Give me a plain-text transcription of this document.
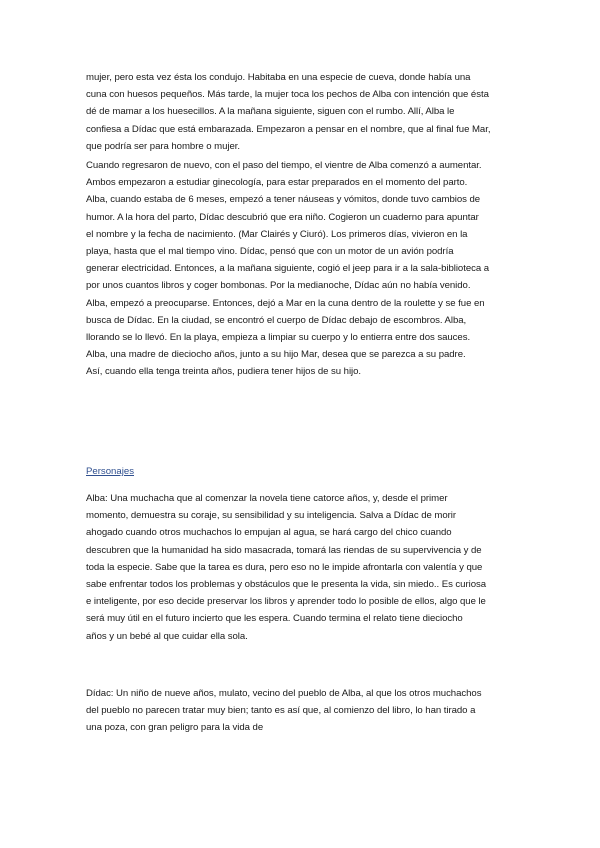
mujer, pero esta vez ésta los condujo. Habitaba en una especie de cueva, donde había una

cuna con huesos pequeños. Más tarde, la mujer toca los pechos de Alba con intención que ésta

dé de mamar a los huesecillos. A la mañana siguiente, siguen con el rumbo. Allí, Alba le

confiesa a Dídac que está embarazada. Empezaron a pensar en el nombre, que al final fue Mar,

que podría ser para hombre o mujer.

Cuando regresaron de nuevo, con el paso del tiempo, el vientre de Alba comenzó a aumentar.

Ambos empezaron a estudiar ginecología, para estar preparados en el momento del parto.

Alba, cuando estaba de 6 meses, empezó a tener náuseas y vómitos, donde tuvo cambios de

humor. A la hora del parto, Dídac descubrió que era niño. Cogieron un cuaderno para apuntar

el nombre y la fecha de nacimiento. (Mar Clairés y Ciuró). Los primeros días, vivieron en la

playa, hasta que el mal tiempo vino. Dídac, pensó que con un motor de un avión podría

generar electricidad. Entonces, a la mañana siguiente, cogió el jeep para ir a la sala-biblioteca a

por unos cuantos libros y coger bombonas. Por la medianoche, Dídac aún no había venido.

Alba, empezó a preocuparse. Entonces, dejó a Mar en la cuna dentro de la roulette y se fue en

busca de Dídac. En la ciudad, se encontró el cuerpo de Dídac debajo de escombros. Alba,

llorando se lo llevó. En la playa, empieza a limpiar su cuerpo y lo entierra entre dos sauces.

Alba, una madre de dieciocho años, junto a su hijo Mar, desea que se parezca a su padre.

Así, cuando ella tenga treinta años, pudiera tener hijos de su hijo.

Personajes

Alba: Una muchacha que al comenzar la novela tiene catorce años, y, desde el primer

momento, demuestra su coraje, su sensibilidad y su inteligencia. Salva a Dídac de morir

ahogado cuando otros muchachos lo empujan al agua, se hará cargo del chico cuando

descubren que la humanidad ha sido masacrada, tomará las riendas de su supervivencia y de

toda la especie. Sabe que la tarea es dura, pero eso no le impide afrontarla con valentía y que

sabe enfrentar todos los problemas y obstáculos que le presenta la vida, sin miedo.. Es curiosa

e inteligente, por eso decide preservar los libros y aprender todo lo posible de ellos, algo que le

será muy útil en el futuro incierto que les espera. Cuando termina el relato tiene dieciocho

años y un bebé al que cuidar ella sola.

Dídac: Un niño de nueve años, mulato, vecino del pueblo de Alba, al que los otros muchachos

del pueblo no parecen tratar muy bien; tanto es así que, al comienzo del libro, lo han tirado a

una poza, con gran peligro para la vida de
